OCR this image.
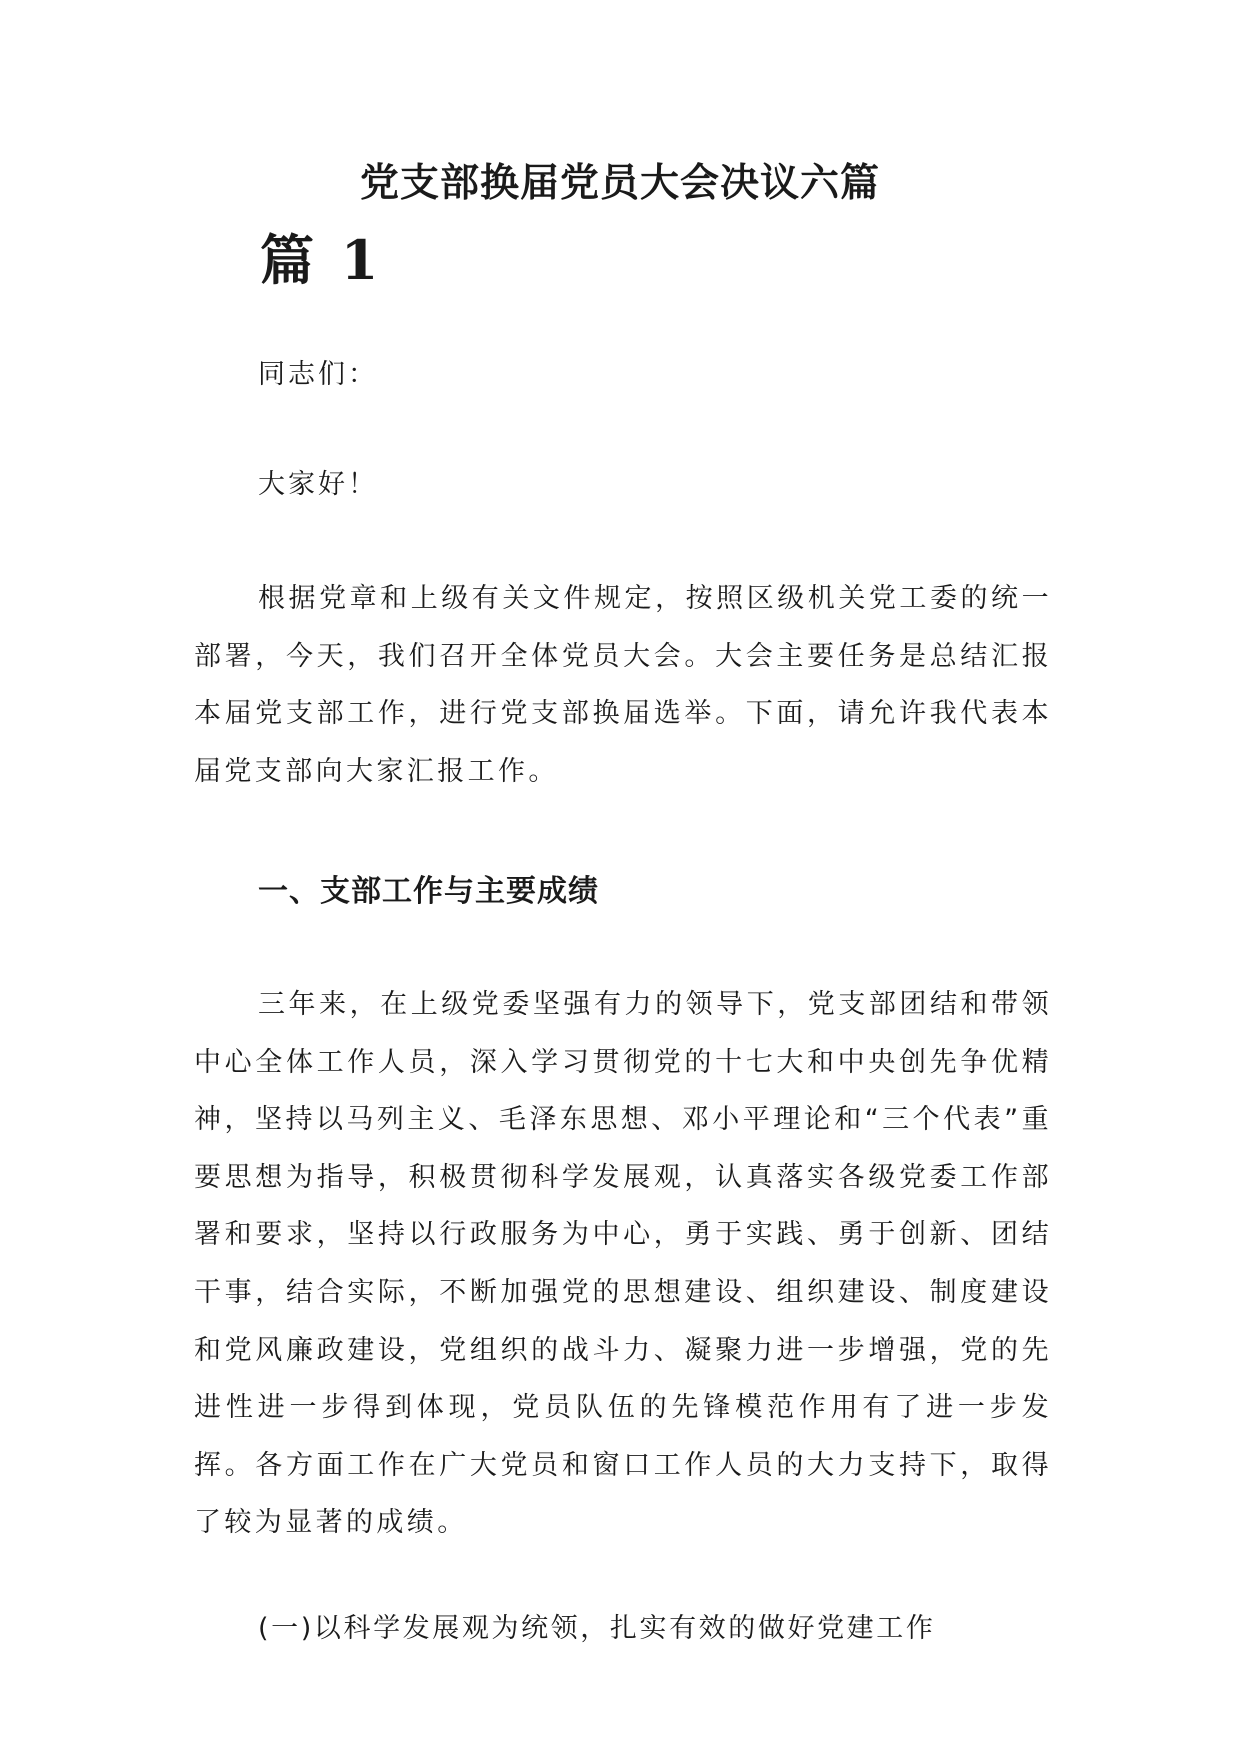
党支部换届党员大会决议六篇
篇 1

同志们：

大家好！

根据党章和上级有关文件规定，按照区级机关党工委的统一部署，今天，我们召开全体党员大会。大会主要任务是总结汇报本届党支部工作，进行党支部换届选举。下面，请允许我代表本届党支部向大家汇报工作。

一、支部工作与主要成绩

三年来，在上级党委坚强有力的领导下，党支部团结和带领中心全体工作人员，深入学习贯彻党的十七大和中央创先争优精神，坚持以马列主义、毛泽东思想、邓小平理论和“三个代表”重要思想为指导，积极贯彻科学发展观，认真落实各级党委工作部署和要求，坚持以行政服务为中心，勇于实践、勇于创新、团结干事，结合实际，不断加强党的思想建设、组织建设、制度建设和党风廉政建设，党组织的战斗力、凝聚力进一步增强，党的先进性进一步得到体现，党员队伍的先锋模范作用有了进一步发挥。各方面工作在广大党员和窗口工作人员的大力支持下，取得了较为显著的成绩。

(一)以科学发展观为统领，扎实有效的做好党建工作
